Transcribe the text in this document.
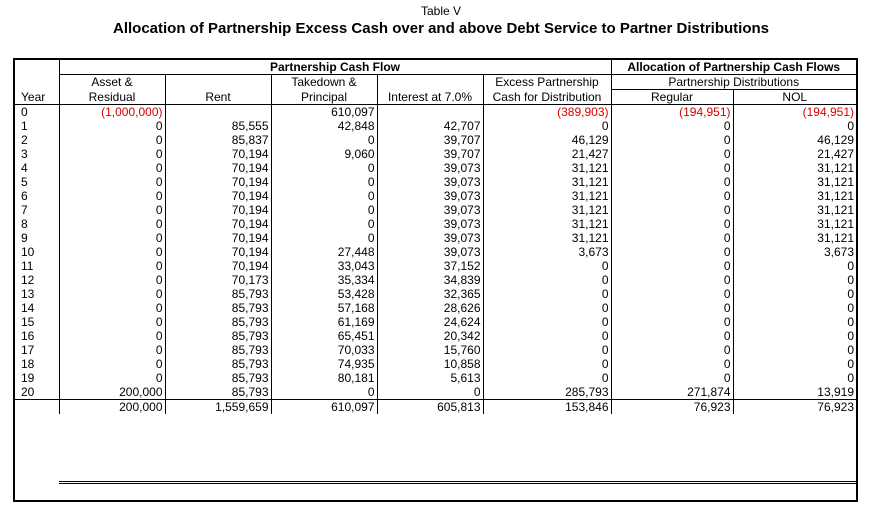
Table V
Allocation of Partnership Excess Cash over and above Debt Service to Partner Distributions
	Partnership Cash Flow					Allocation of Partnership Cash Flows	
	Asset &		Takedown &		Excess Partnership	Partnership Distributions	
Year	Residual	Rent	Principal	Interest at 7.0%	Cash for Distribution	Regular	NOL
0	(1,000,000)		610,097		(389,903)	(194,951)	(194,951)
1	0	85,555	42,848	42,707	0	0	0
2	0	85,837	0	39,707	46,129	0	46,129
3	0	70,194	9,060	39,707	21,427	0	21,427
4	0	70,194	0	39,073	31,121	0	31,121
5	0	70,194	0	39,073	31,121	0	31,121
6	0	70,194	0	39,073	31,121	0	31,121
7	0	70,194	0	39,073	31,121	0	31,121
8	0	70,194	0	39,073	31,121	0	31,121
9	0	70,194	0	39,073	31,121	0	31,121
10	0	70,194	27,448	39,073	3,673	0	3,673
11	0	70,194	33,043	37,152	0	0	0
12	0	70,173	35,334	34,839	0	0	0
13	0	85,793	53,428	32,365	0	0	0
14	0	85,793	57,168	28,626	0	0	0
15	0	85,793	61,169	24,624	0	0	0
16	0	85,793	65,451	20,342	0	0	0
17	0	85,793	70,033	15,760	0	0	0
18	0	85,793	74,935	10,858	0	0	0
19	0	85,793	80,181	5,613	0	0	0
20	200,000	85,793	0	0	285,793	271,874	13,919
	200,000	1,559,659	610,097	605,813	153,846	76,923	76,923
